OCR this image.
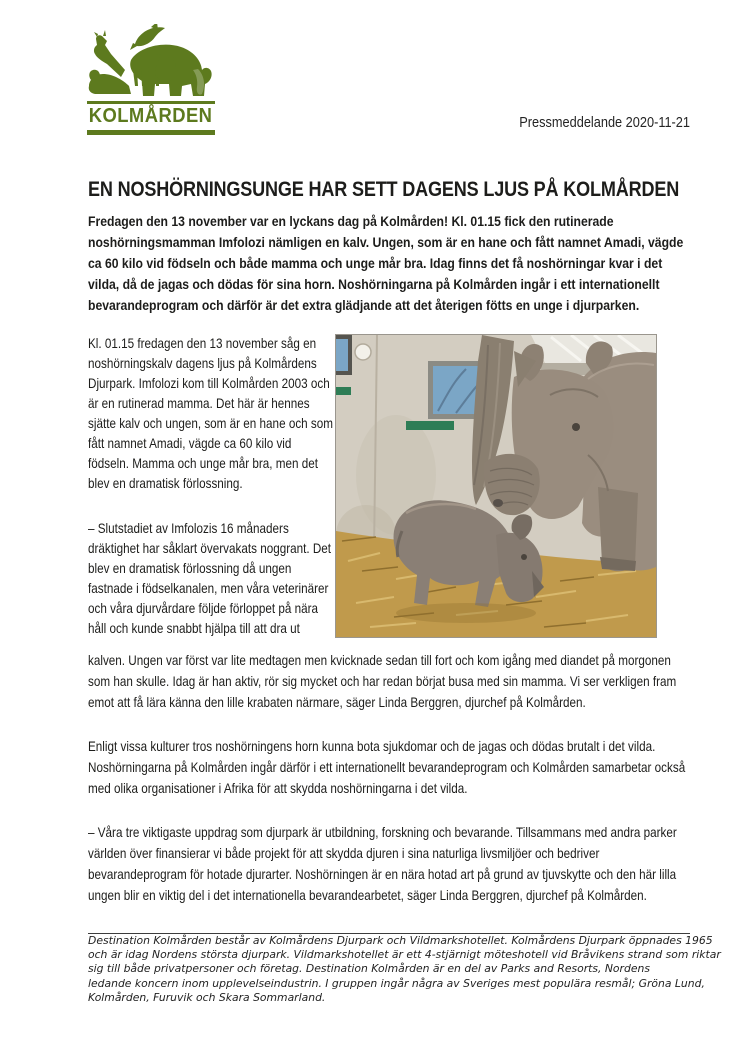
KOLMÅRDEN	Pressmeddelande 2020-11-21
EN NOSHÖRNINGSUNGE HAR SETT DAGENS LJUS PÅ KOLMÅRDEN

Fredagen den 13 november var en lyckans dag på Kolmården! Kl. 01.15 fick den rutinerade noshörningsmamman Imfolozi nämligen en kalv. Ungen, som är en hane och fått namnet Amadi, vägde ca 60 kilo vid födseln och både mamma och unge mår bra. Idag finns det få noshörningar kvar i det vilda, då de jagas och dödas för sina horn. Noshörningarna på Kolmården ingår i ett internationellt bevarandeprogram och därför är det extra glädjande att det återigen fötts en unge i djurparken.

Kl. 01.15 fredagen den 13 november såg en noshörningskalv dagens ljus på Kolmårdens Djurpark. Imfolozi kom till Kolmården 2003 och är en rutinerad mamma. Det här är hennes sjätte kalv och ungen, som är en hane och som fått namnet Amadi, vägde ca 60 kilo vid födseln. Mamma och unge mår bra, men det blev en dramatisk förlossning.

– Slutstadiet av Imfolozis 16 månaders dräktighet har såklart övervakats noggrant. Det blev en dramatisk förlossning då ungen fastnade i födselkanalen, men våra veterinärer och våra djurvårdare följde förloppet på nära håll och kunde snabbt hjälpa till att dra ut

kalven. Ungen var först var lite medtagen men kvicknade sedan till fort och kom igång med diandet på morgonen som han skulle. Idag är han aktiv, rör sig mycket och har redan börjat busa med sin mamma. Vi ser verkligen fram emot att få lära känna den lille krabaten närmare, säger Linda Berggren, djurchef på Kolmården.

Enligt vissa kulturer tros noshörningens horn kunna bota sjukdomar och de jagas och dödas brutalt i det vilda. Noshörningarna på Kolmården ingår därför i ett internationellt bevarandeprogram och Kolmården samarbetar också med olika organisationer i Afrika för att skydda noshörningarna i det vilda.

– Våra tre viktigaste uppdrag som djurpark är utbildning, forskning och bevarande. Tillsammans med andra parker världen över finansierar vi både projekt för att skydda djuren i sina naturliga livsmiljöer och bedriver bevarandeprogram för hotade djurarter. Noshörningen är en nära hotad art på grund av tjuvskytte och den här lilla ungen blir en viktig del i det internationella bevarandearbetet, säger Linda Berggren, djurchef på Kolmården.

Destination Kolmården består av Kolmårdens Djurpark och Vildmarkshotellet. Kolmårdens Djurpark öppnades 1965
och är idag Nordens största djurpark. Vildmarkshotellet är ett 4-stjärnigt möteshotell vid Bråvikens strand som riktar
sig till både privatpersoner och företag. Destination Kolmården är en del av Parks and Resorts, Nordens
ledande koncern inom upplevelseindustrin. I gruppen ingår några av Sveriges mest populära resmål; Gröna Lund,
Kolmården, Furuvik och Skara Sommarland.
